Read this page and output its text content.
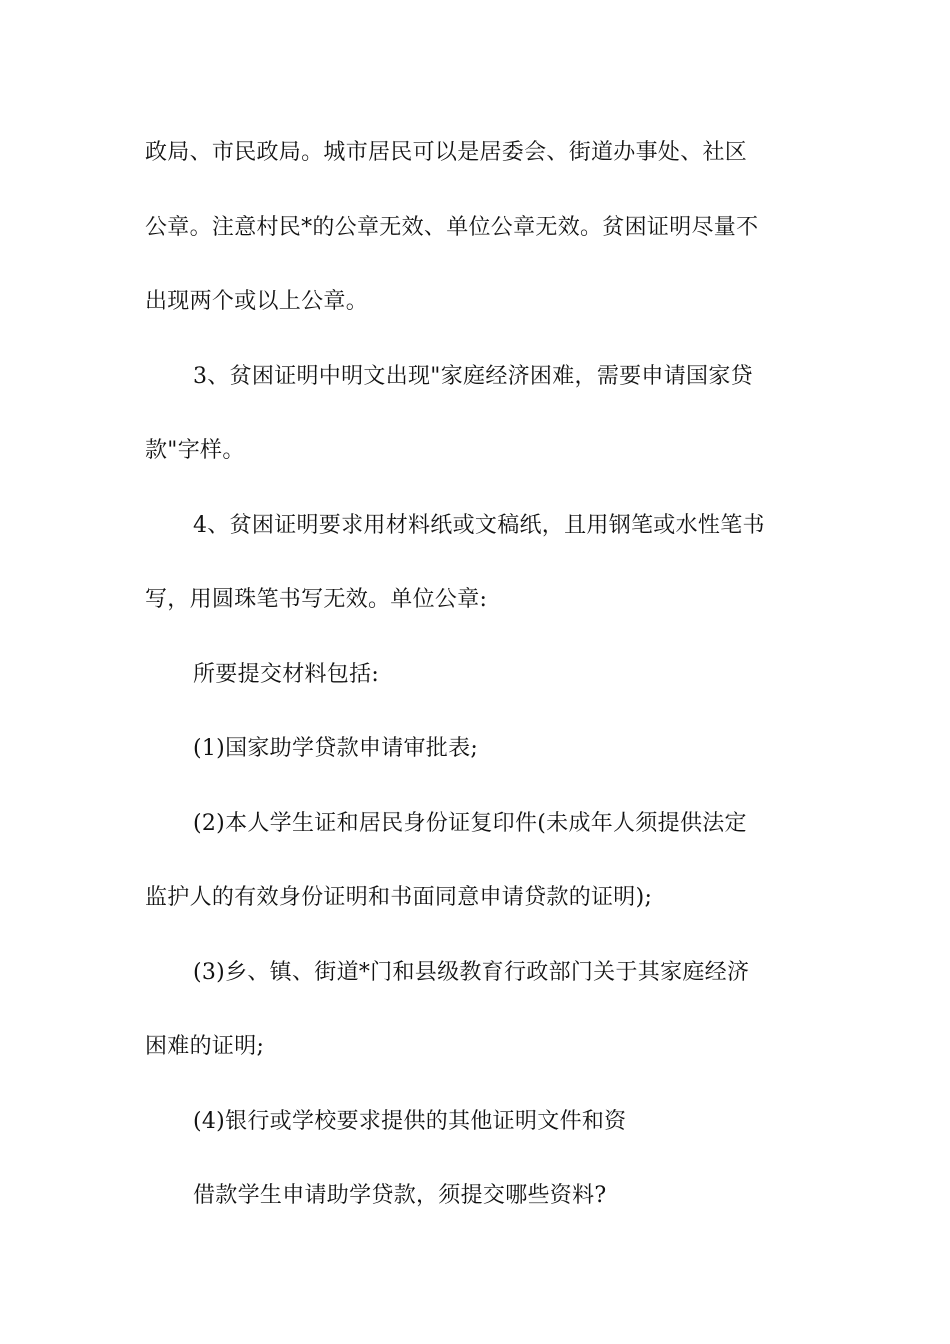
政局、市民政局。城市居民可以是居委会、街道办事处、社区
公章。注意村民*的公章无效、单位公章无效。贫困证明尽量不
出现两个或以上公章。
3、贫困证明中明文出现"家庭经济困难，需要申请国家贷
款"字样。
4、贫困证明要求用材料纸或文稿纸，且用钢笔或水性笔书
写，用圆珠笔书写无效。单位公章:
所要提交材料包括:
(1)国家助学贷款申请审批表;
(2)本人学生证和居民身份证复印件(未成年人须提供法定
监护人的有效身份证明和书面同意申请贷款的证明);
(3)乡、镇、街道*门和县级教育行政部门关于其家庭经济
困难的证明;
(4)银行或学校要求提供的其他证明文件和资
借款学生申请助学贷款，须提交哪些资料?
